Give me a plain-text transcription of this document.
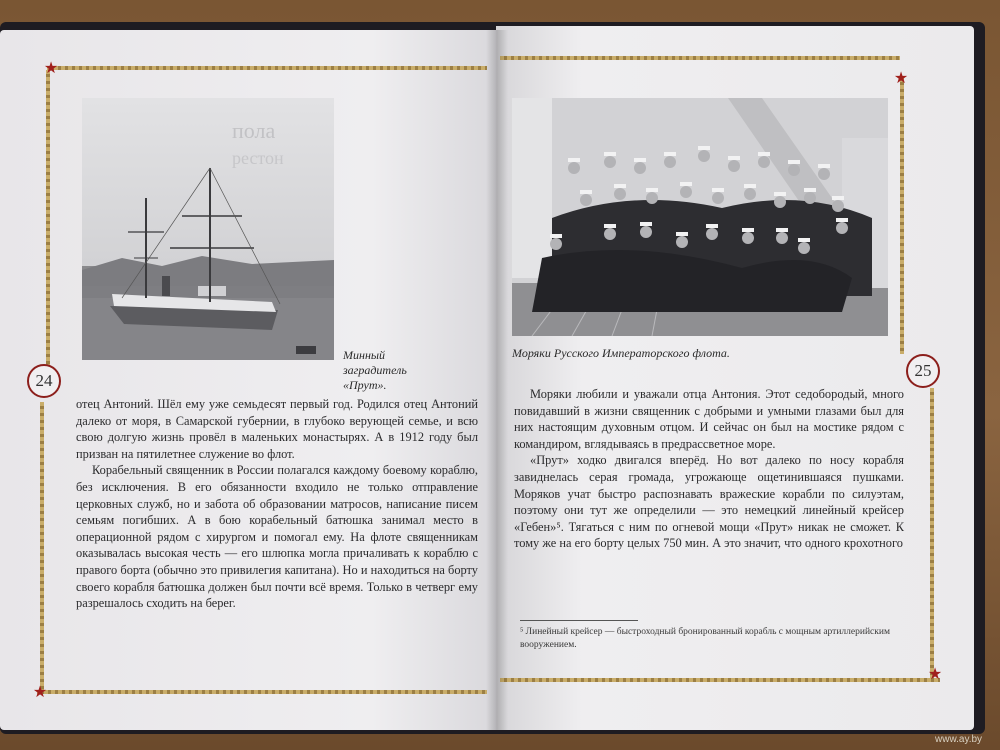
★
★
24
пола
рестон
Минный
заградитель
«Прут».

отец Антоний. Шёл ему уже семьдесят первый год. Родился отец Антоний далеко от моря, в Самарской губернии, в глубоко верующей семье, и всю свою долгую жизнь провёл в маленьких монастырях. А в 1912 году был призван на пятилетнее служение во флот.

Корабельный священник в России полагался каждому боевому кораблю, без исключения. В его обязанности входило не только отправление церковных служб, но и забота об образовании матросов, написание писем семьям погибших. А в бою корабельный батюшка занимал место в операционной рядом с хирургом и помогал ему. На флоте священникам оказывалась высокая честь — его шлюпка могла причаливать к кораблю с правого борта (обычно это привилегия капитана). Но и находиться на борту своего корабля батюшка должен был почти всё время. Только в четверг ему разрешалось сходить на берег.

★
★
25
Моряки Русского Императорского флота.

Моряки любили и уважали отца Антония. Этот седобородый, много повидавший в жизни священник с добрыми и умными глазами был для них настоящим духовным отцом. И сейчас он был на мостике рядом с командиром, вглядываясь в предрассветное море.

«Прут» ходко двигался вперёд. Но вот далеко по носу корабля завиднелась серая громада, угрожающе ощетинившаяся пушками. Моряков учат быстро распознавать вражеские корабли по силуэтам, поэтому они тут же определили — это немецкий линейный крейсер «Гебен»⁵. Тягаться с ним по огневой мощи «Прут» никак не сможет. К тому же на его борту целых 750 мин. А это значит, что одного крохотного

⁵ Линейный крейсер — быстроходный бронированный корабль с мощным артиллерийским вооружением.
www.ay.by
